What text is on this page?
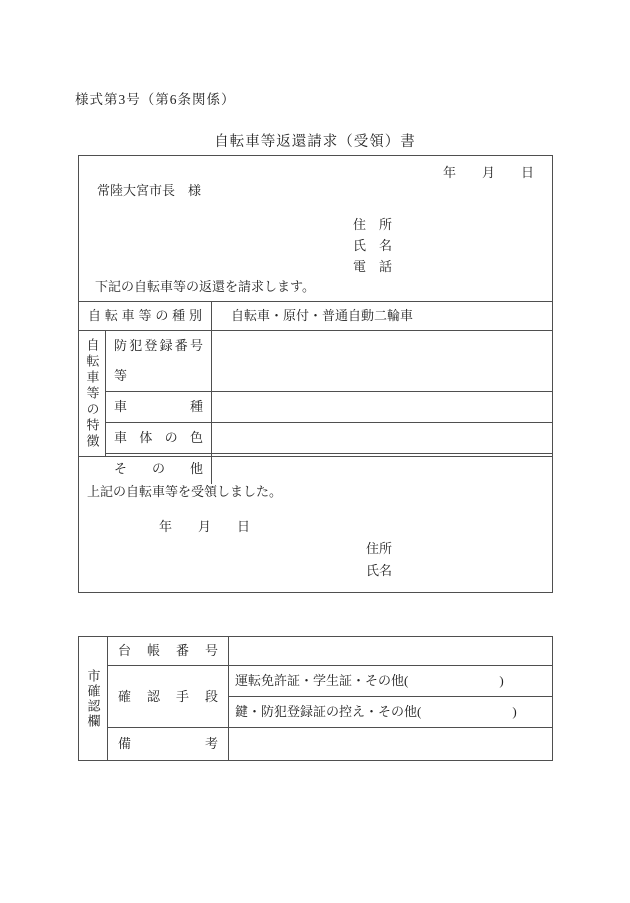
様式第3号（第6条関係）
自転車等返還請求（受領）書
年　　月　　日
常陸大宮市長　様
住　所
氏　名
電　話
下記の自転車等の返還を請求します。
自転車等の種別	自転車・原付・普通自動二輪車
自転車等の特徴	防犯登録番号等
車種
車体の色
その他
上記の自転車等を受領しました。
年　　月　　日
住所
氏名
市確認欄
台帳番号
確認手段
運転免許証・学生証・その他(　　　　　　　)
鍵・防犯登録証の控え・その他(　　　　　　　)
備考
